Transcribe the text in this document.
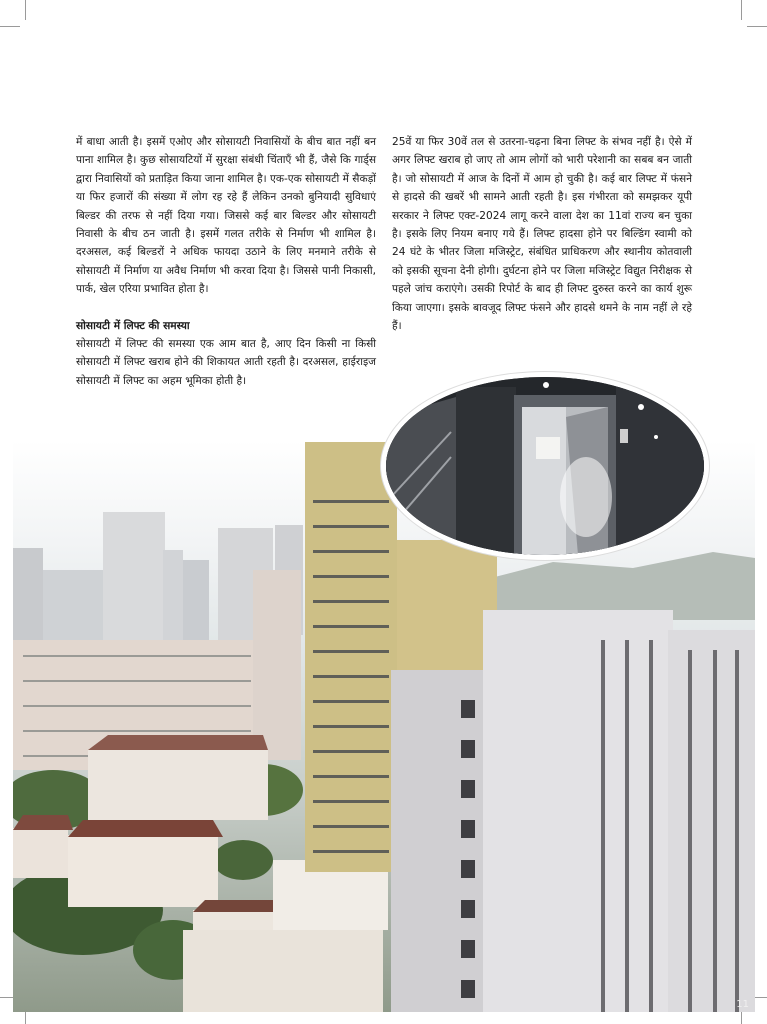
में बाधा आती है। इसमें एओए और सोसायटी निवासियों के बीच बात नहीं बन पाना शामिल है। कुछ सोसायटियों में सुरक्षा संबंधी चिंताएँ भी हैं, जैसे कि गार्ड्स द्वारा निवासियों को प्रताड़ित किया जाना शामिल है। एक-एक सोसायटी में सैकड़ों या फिर हजारों की संख्या में लोग रह रहे हैं लेकिन उनको बुनियादी सुविधाएं बिल्डर की तरफ से नहीं दिया गया। जिससे कई बार बिल्डर और सोसायटी निवासी के बीच ठन जाती है। इसमें गलत तरीके से निर्माण भी शामिल है। दरअसल, कई बिल्डरों ने अधिक फायदा उठाने के लिए मनमाने तरीके से सोसायटी में निर्माण या अवैध निर्माण भी करवा दिया है। जिससे पानी निकासी, पार्क, खेल एरिया प्रभावित होता है।

सोसायटी में लिफ्ट की समस्या

सोसायटी में लिफ्ट की समस्या एक आम बात है, आए दिन किसी ना किसी सोसायटी में लिफ्ट खराब होने की शिकायत आती रहती है। दरअसल, हाईराइज सोसायटी में लिफ्ट का अहम भूमिका होती है।

25वें या फिर 30वें तल से उतरना-चढ़ना बिना लिफ्ट के संभव नहीं है। ऐसे में अगर लिफ्ट खराब हो जाए तो आम लोगों को भारी परेशानी का सबब बन जाती है। जो सोसायटी में आज के दिनों में आम हो चुकी है। कई बार लिफ्ट में फंसने से हादसे की खबरें भी सामने आती रहती है। इस गंभीरता को समझकर यूपी सरकार ने लिफ्ट एक्ट-2024 लागू करने वाला देश का 11वां राज्य बन चुका है। इसके लिए नियम बनाए गये हैं। लिफ्ट हादसा होने पर बिल्डिंग स्वामी को 24 घंटे के भीतर जिला मजिस्ट्रेट, संबंधित प्राधिकरण और स्थानीय कोतवाली को इसकी सूचना देनी होगी। दुर्घटना होने पर जिला मजिस्ट्रेट विद्युत निरीक्षक से पहले जांच कराएंगे। उसकी रिपोर्ट के बाद ही लिफ्ट दुरुस्त करने का कार्य शुरू किया जाएगा। इसके बावजूद लिफ्ट फंसने और हादसे थमने के नाम नहीं ले रहे हैं।

11
